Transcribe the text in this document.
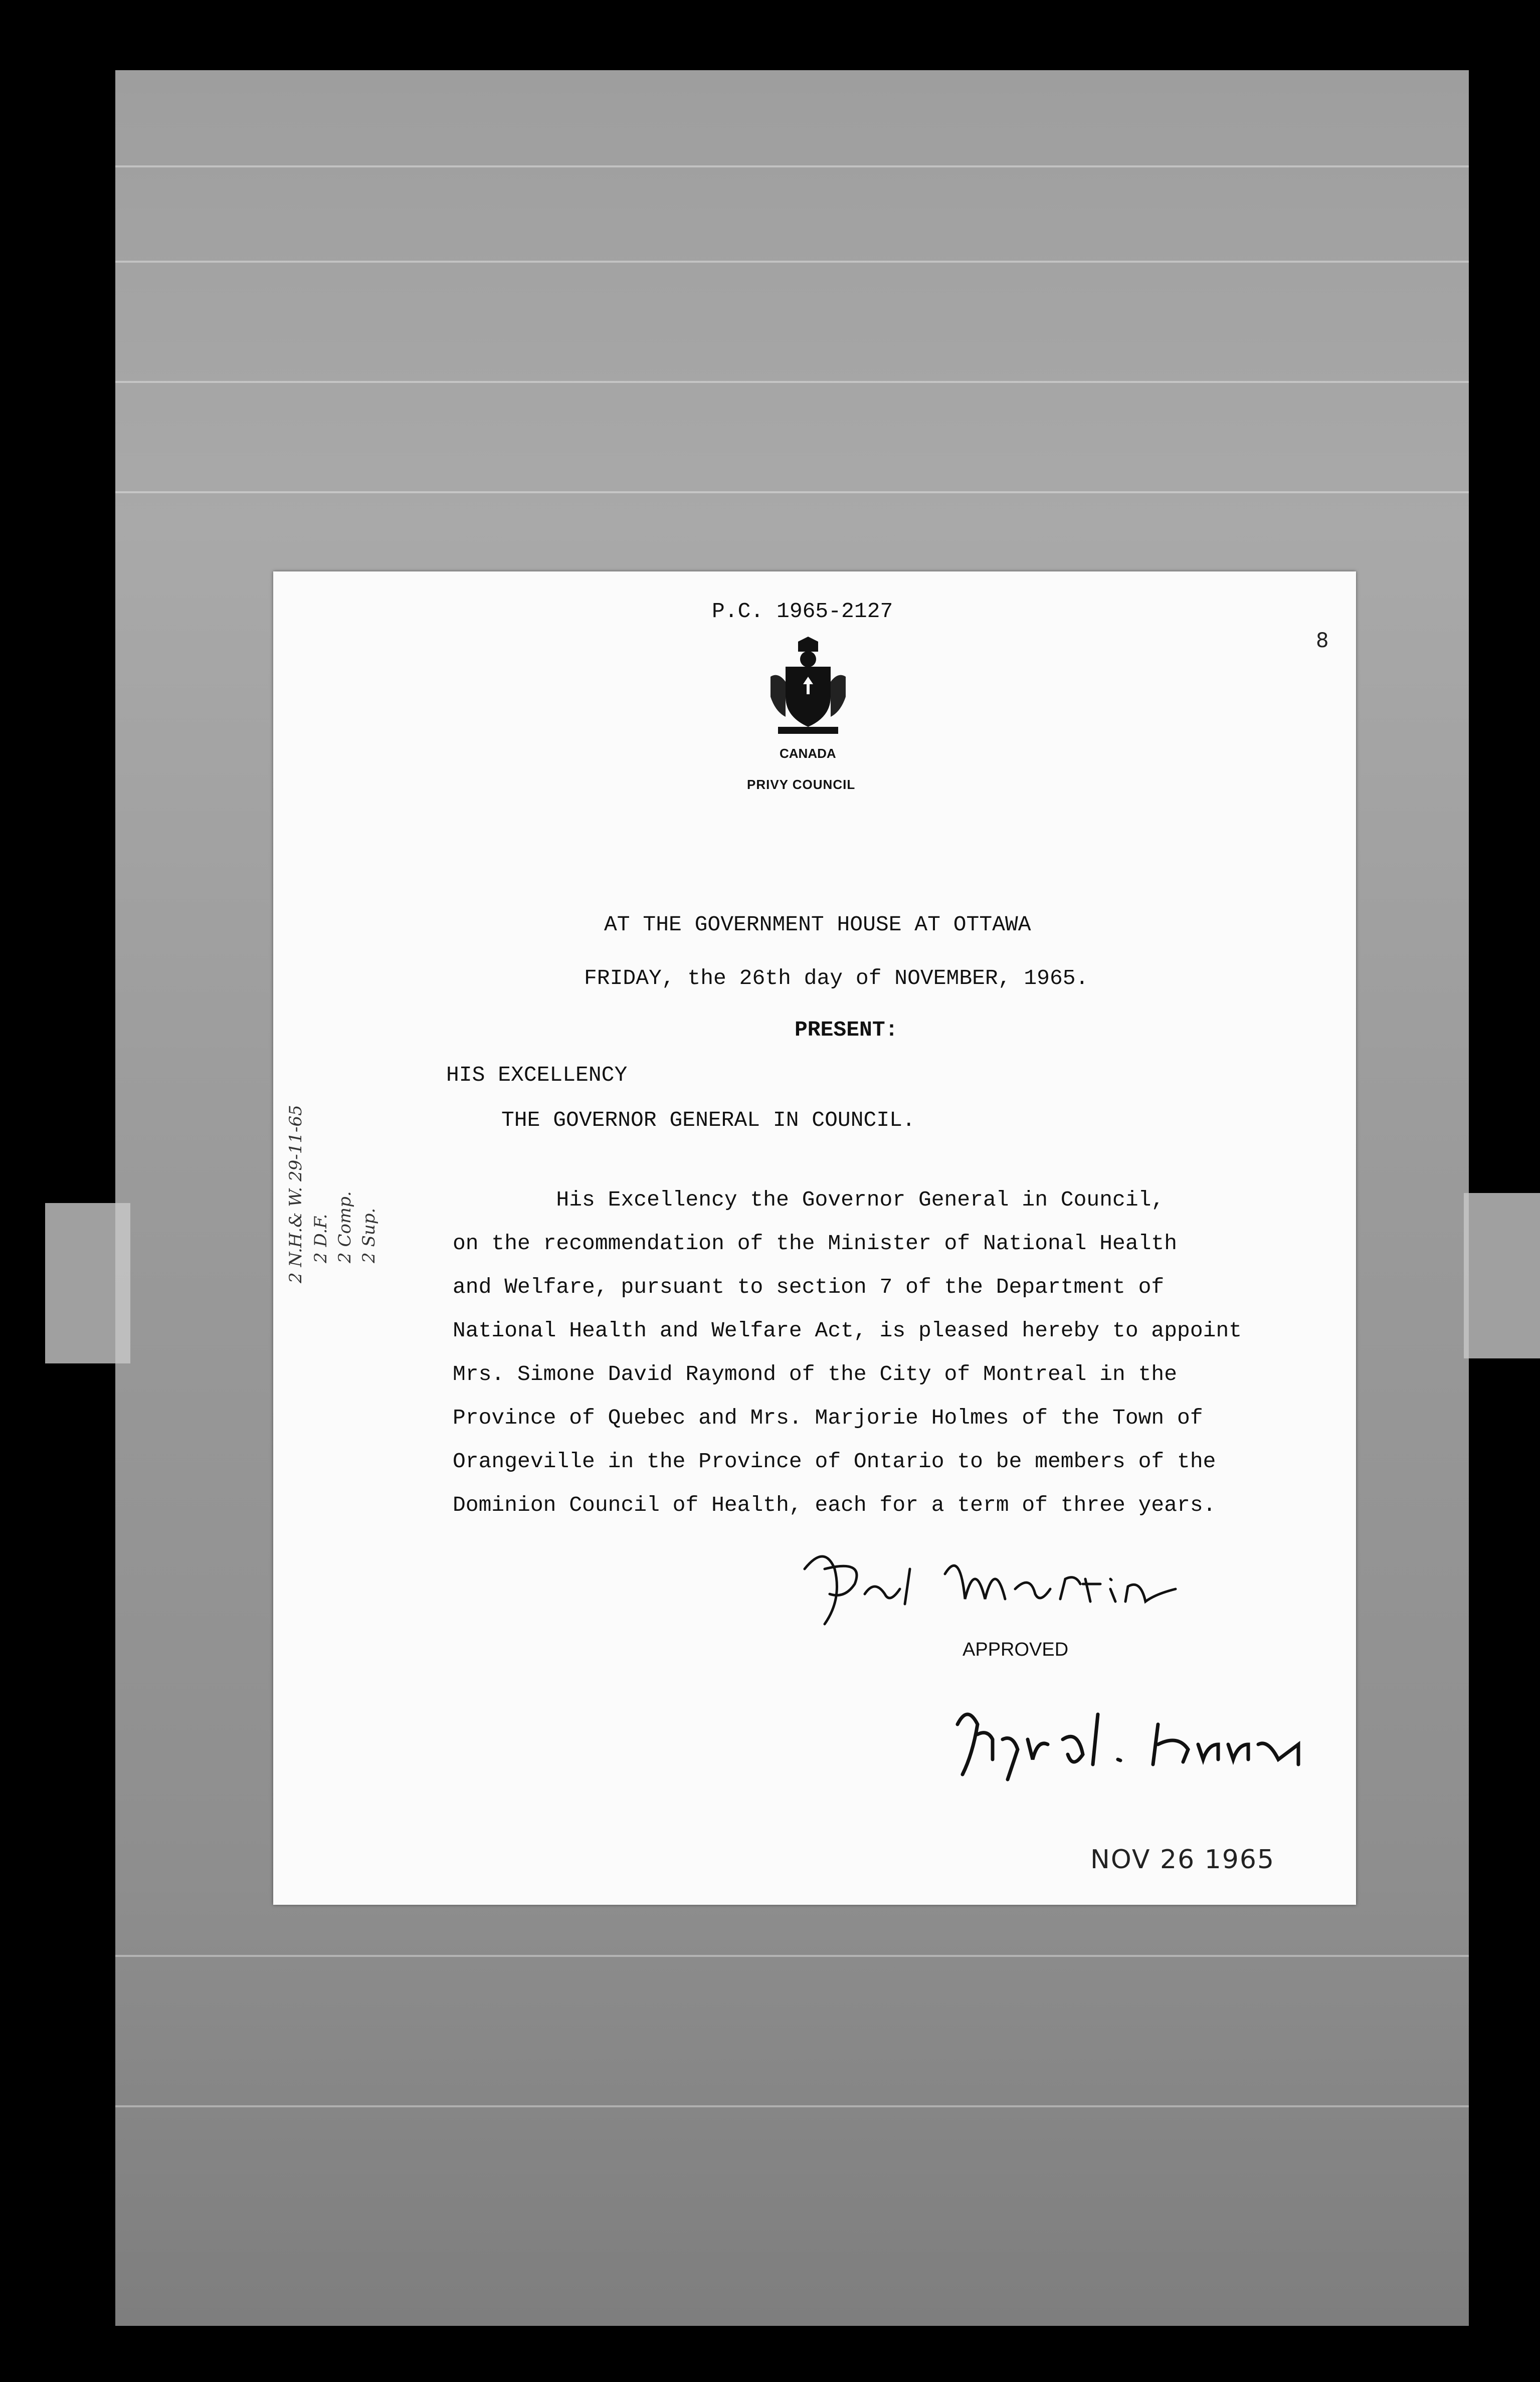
P.C. 1965-2127
8
CANADA
PRIVY COUNCIL
AT THE GOVERNMENT HOUSE AT OTTAWA
FRIDAY, the 26th day of NOVEMBER, 1965.
PRESENT:
HIS EXCELLENCY
THE GOVERNOR GENERAL IN COUNCIL.
His Excellency the Governor General in Council,
on the recommendation of the Minister of National Health
and Welfare, pursuant to section 7 of the Department of
National Health and Welfare Act, is pleased hereby to appoint
Mrs. Simone David Raymond of the City of Montreal in the
Province of Quebec and Mrs. Marjorie Holmes of the Town of
Orangeville in the Province of Ontario to be members of the
Dominion Council of Health, each for a term of three years.
APPROVED
NOV 26 1965
2 N.H.& W. 29-11-65 2 D.F. 2 Comp. 2 Sup.
